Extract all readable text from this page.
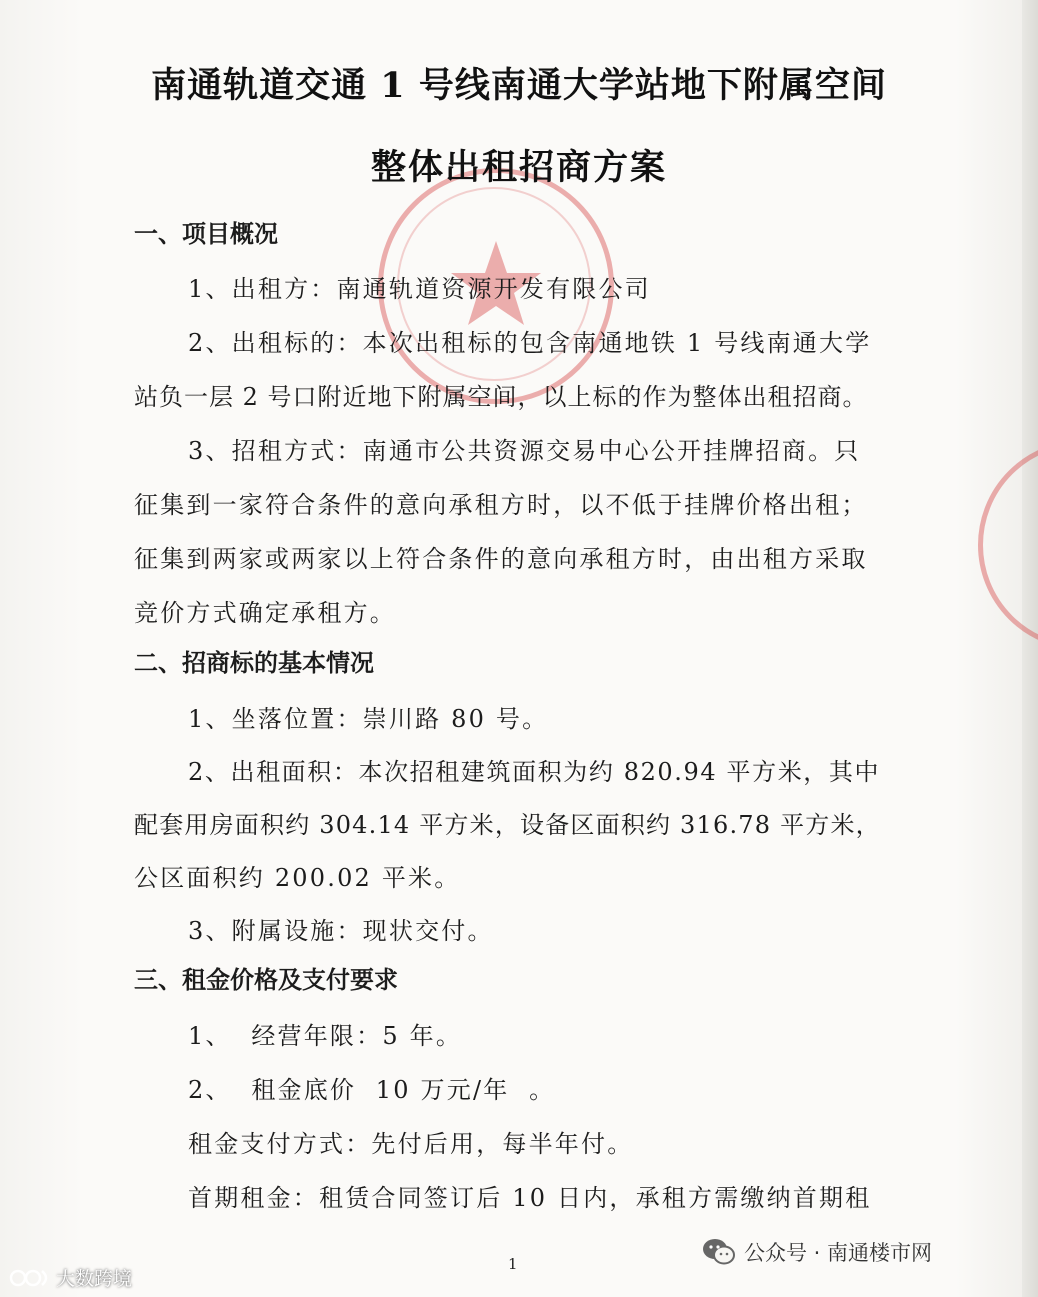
南通轨道交通 1 号线南通大学站地下附属空间
整体出租招商方案
一、项目概况
1、出租方：南通轨道资源开发有限公司
2、出租标的：本次出租标的包含南通地铁 1 号线南通大学
站负一层 2 号口附近地下附属空间，以上标的作为整体出租招商。
3、招租方式：南通市公共资源交易中心公开挂牌招商。只
征集到一家符合条件的意向承租方时，以不低于挂牌价格出租；
征集到两家或两家以上符合条件的意向承租方时，由出租方采取
竞价方式确定承租方。
二、招商标的基本情况
1、坐落位置：崇川路 80 号。
2、出租面积：本次招租建筑面积为约 820.94 平方米，其中
配套用房面积约 304.14 平方米，设备区面积约 316.78 平方米，
公区面积约 200.02 平米。
3、附属设施：现状交付。
三、租金价格及支付要求
1、  经营年限：5 年。
2、  租金底价  10 万元/年  。
租金支付方式：先付后用，每半年付。
首期租金：租赁合同签订后 10 日内，承租方需缴纳首期租
1
大数跨境
公众号 · 南通楼市网
